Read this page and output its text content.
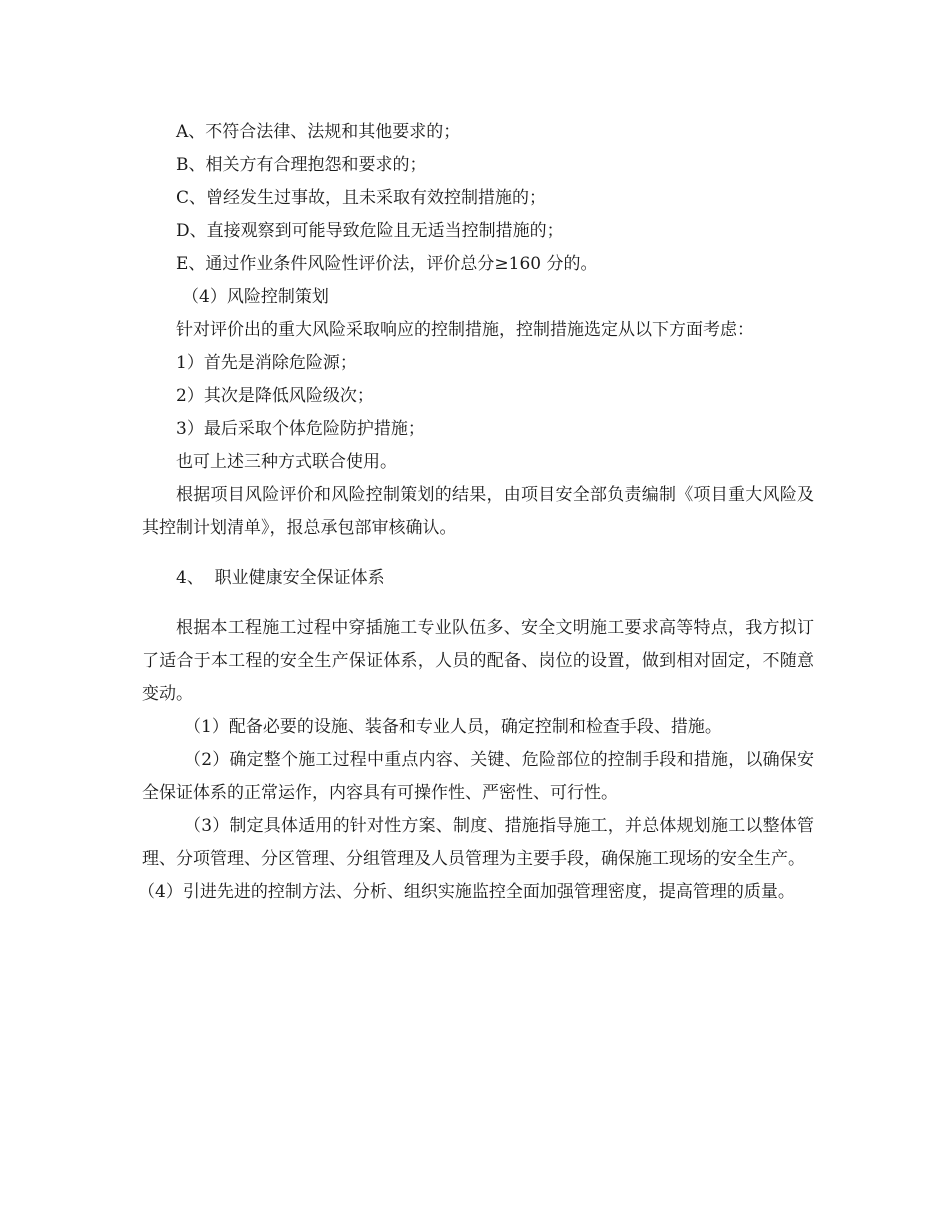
A、不符合法律、法规和其他要求的；

B、相关方有合理抱怨和要求的；

C、曾经发生过事故，且未采取有效控制措施的；

D、直接观察到可能导致危险且无适当控制措施的；

E、通过作业条件风险性评价法，评价总分≥160 分的。

（4）风险控制策划

针对评价出的重大风险采取响应的控制措施，控制措施选定从以下方面考虑：

1）首先是消除危险源；

2）其次是降低风险级次；

3）最后采取个体危险防护措施；

也可上述三种方式联合使用。

根据项目风险评价和风险控制策划的结果，由项目安全部负责编制《项目重大风险及其控制计划清单》，报总承包部审核确认。

4、  职业健康安全保证体系

根据本工程施工过程中穿插施工专业队伍多、安全文明施工要求高等特点，我方拟订了适合于本工程的安全生产保证体系，人员的配备、岗位的设置，做到相对固定，不随意变动。

（1）配备必要的设施、装备和专业人员，确定控制和检查手段、措施。

（2）确定整个施工过程中重点内容、关键、危险部位的控制手段和措施，以确保安全保证体系的正常运作，内容具有可操作性、严密性、可行性。

（3）制定具体适用的针对性方案、制度、措施指导施工，并总体规划施工以整体管理、分项管理、分区管理、分组管理及人员管理为主要手段，确保施工现场的安全生产。

（4）引进先进的控制方法、分析、组织实施监控全面加强管理密度，提高管理的质量。
